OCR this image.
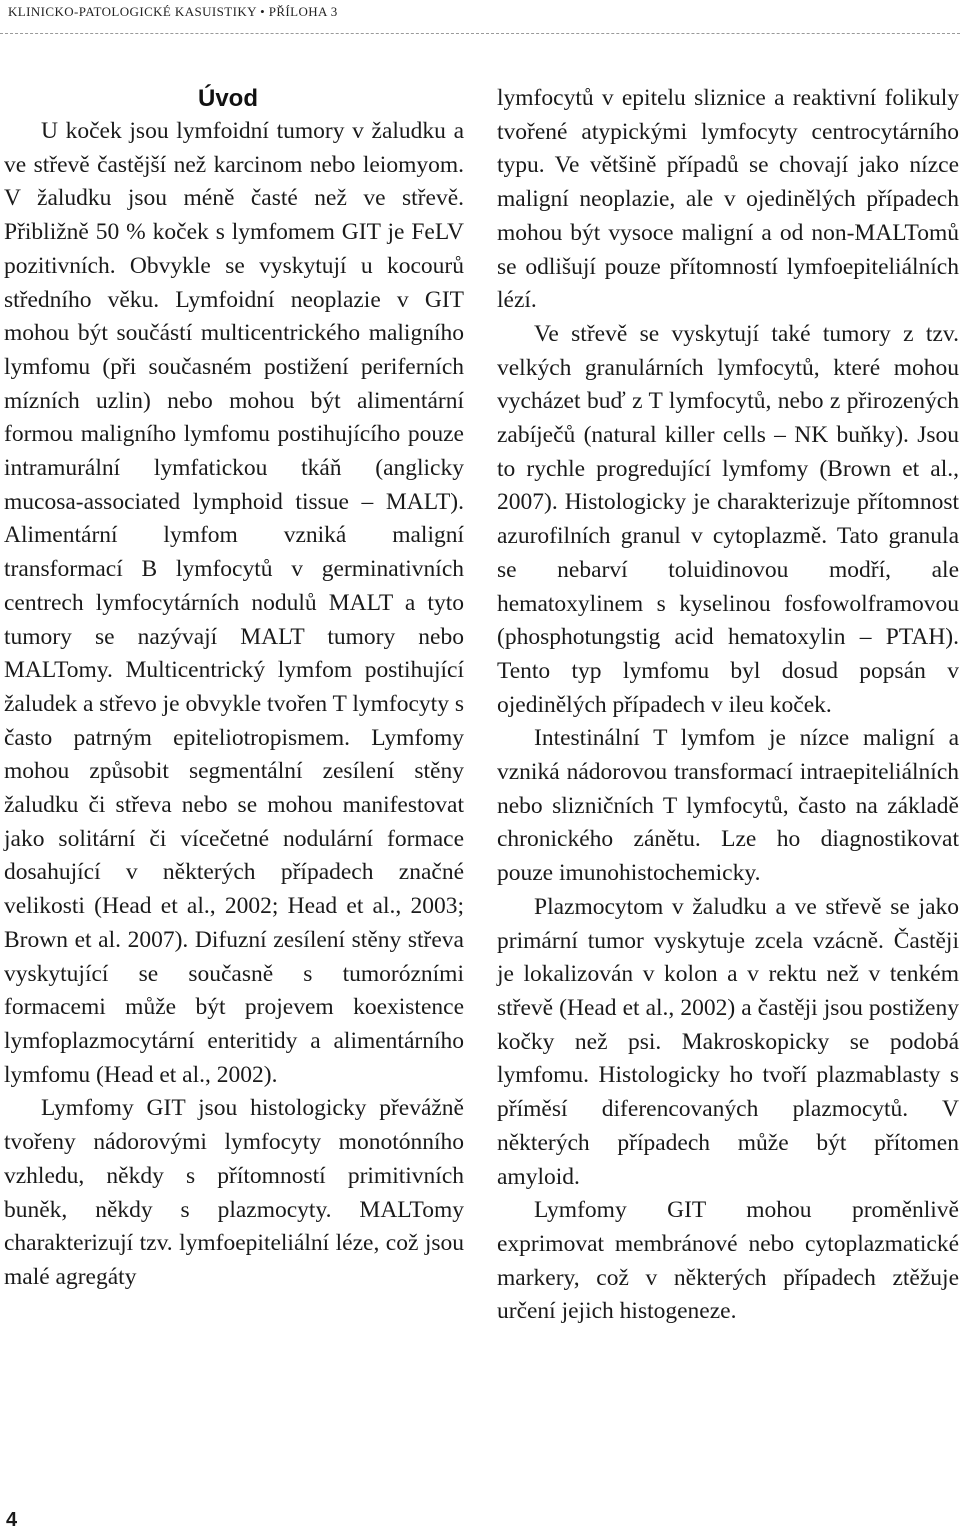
KLINICKO-PATOLOGICKÉ KASUISTIKY • PŘÍLOHA 3
Úvod

U koček jsou lymfoidní tumory v žaludku a ve střevě častější než karcinom nebo leiomyom. V žaludku jsou méně časté než ve střevě. Přibližně 50 % koček s lymfomem GIT je FeLV pozitivních. Obvykle se vyskytují u kocourů středního věku. Lymfoidní neoplazie v GIT mohou být součástí multicentrického maligního lymfomu (při současném postižení periferních mízních uzlin) nebo mohou být alimentární formou maligního lymfomu postihujícího pouze intramurální lymfatickou tkáň (anglicky mucosa-associated lymphoid tissue – MALT). Alimentární lymfom vzniká maligní transformací B lymfocytů v germinativních centrech lymfocytárních nodulů MALT a tyto tumory se nazývají MALT tumory nebo MALTomy. Multicentrický lymfom postihující žaludek a střevo je obvykle tvořen T lymfocyty s často patrným epiteliotropismem. Lymfomy mohou způsobit segmentální zesílení stěny žaludku či střeva nebo se mohou manifestovat jako solitární či vícečetné nodulární formace dosahující v některých případech značné velikosti (Head et al., 2002; Head et al., 2003; Brown et al. 2007). Difuzní zesílení stěny střeva vyskytující se současně s tumorózními formacemi může být projevem koexistence lymfoplazmocytární enteritidy a alimentárního lymfomu (Head et al., 2002).

Lymfomy GIT jsou histologicky převážně tvořeny nádorovými lymfocyty monotónního vzhledu, někdy s přítomností primitivních buněk, někdy s plazmocyty. MALTomy charakterizují tzv. lymfoepiteliální léze, což jsou malé agregáty

lymfocytů v epitelu sliznice a reaktivní folikuly tvořené atypickými lymfocyty centrocytárního typu. Ve většině případů se chovají jako nízce maligní neoplazie, ale v ojedinělých případech mohou být vysoce maligní a od non-MALTomů se odlišují pouze přítomností lymfoepiteliálních lézí.

Ve střevě se vyskytují také tumory z tzv. velkých granulárních lymfocytů, které mohou vycházet buď z T lymfocytů, nebo z přirozených zabíječů (natural killer cells – NK buňky). Jsou to rychle progredující lymfomy (Brown et al., 2007). Histologicky je charakterizuje přítomnost azurofilních granul v cytoplazmě. Tato granula se nebarví toluidinovou modří, ale hematoxylinem s kyselinou fosfowolframovou (phosphotungstig acid hematoxylin – PTAH). Tento typ lymfomu byl dosud popsán v ojedinělých případech v ileu koček.

Intestinální T lymfom je nízce maligní a vzniká nádorovou transformací intraepiteliálních nebo slizničních T lymfocytů, často na základě chronického zánětu. Lze ho diagnostikovat pouze imunohistochemicky.

Plazmocytom v žaludku a ve střevě se jako primární tumor vyskytuje zcela vzácně. Častěji je lokalizován v kolon a v rektu než v tenkém střevě (Head et al., 2002) a častěji jsou postiženy kočky než psi. Makroskopicky se podobá lymfomu. Histologicky ho tvoří plazmablasty s příměsí diferencovaných plazmocytů. V některých případech může být přítomen amyloid.

Lymfomy GIT mohou proměnlivě exprimovat membránové nebo cytoplazmatické markery, což v některých případech ztěžuje určení jejich histogeneze.

4
